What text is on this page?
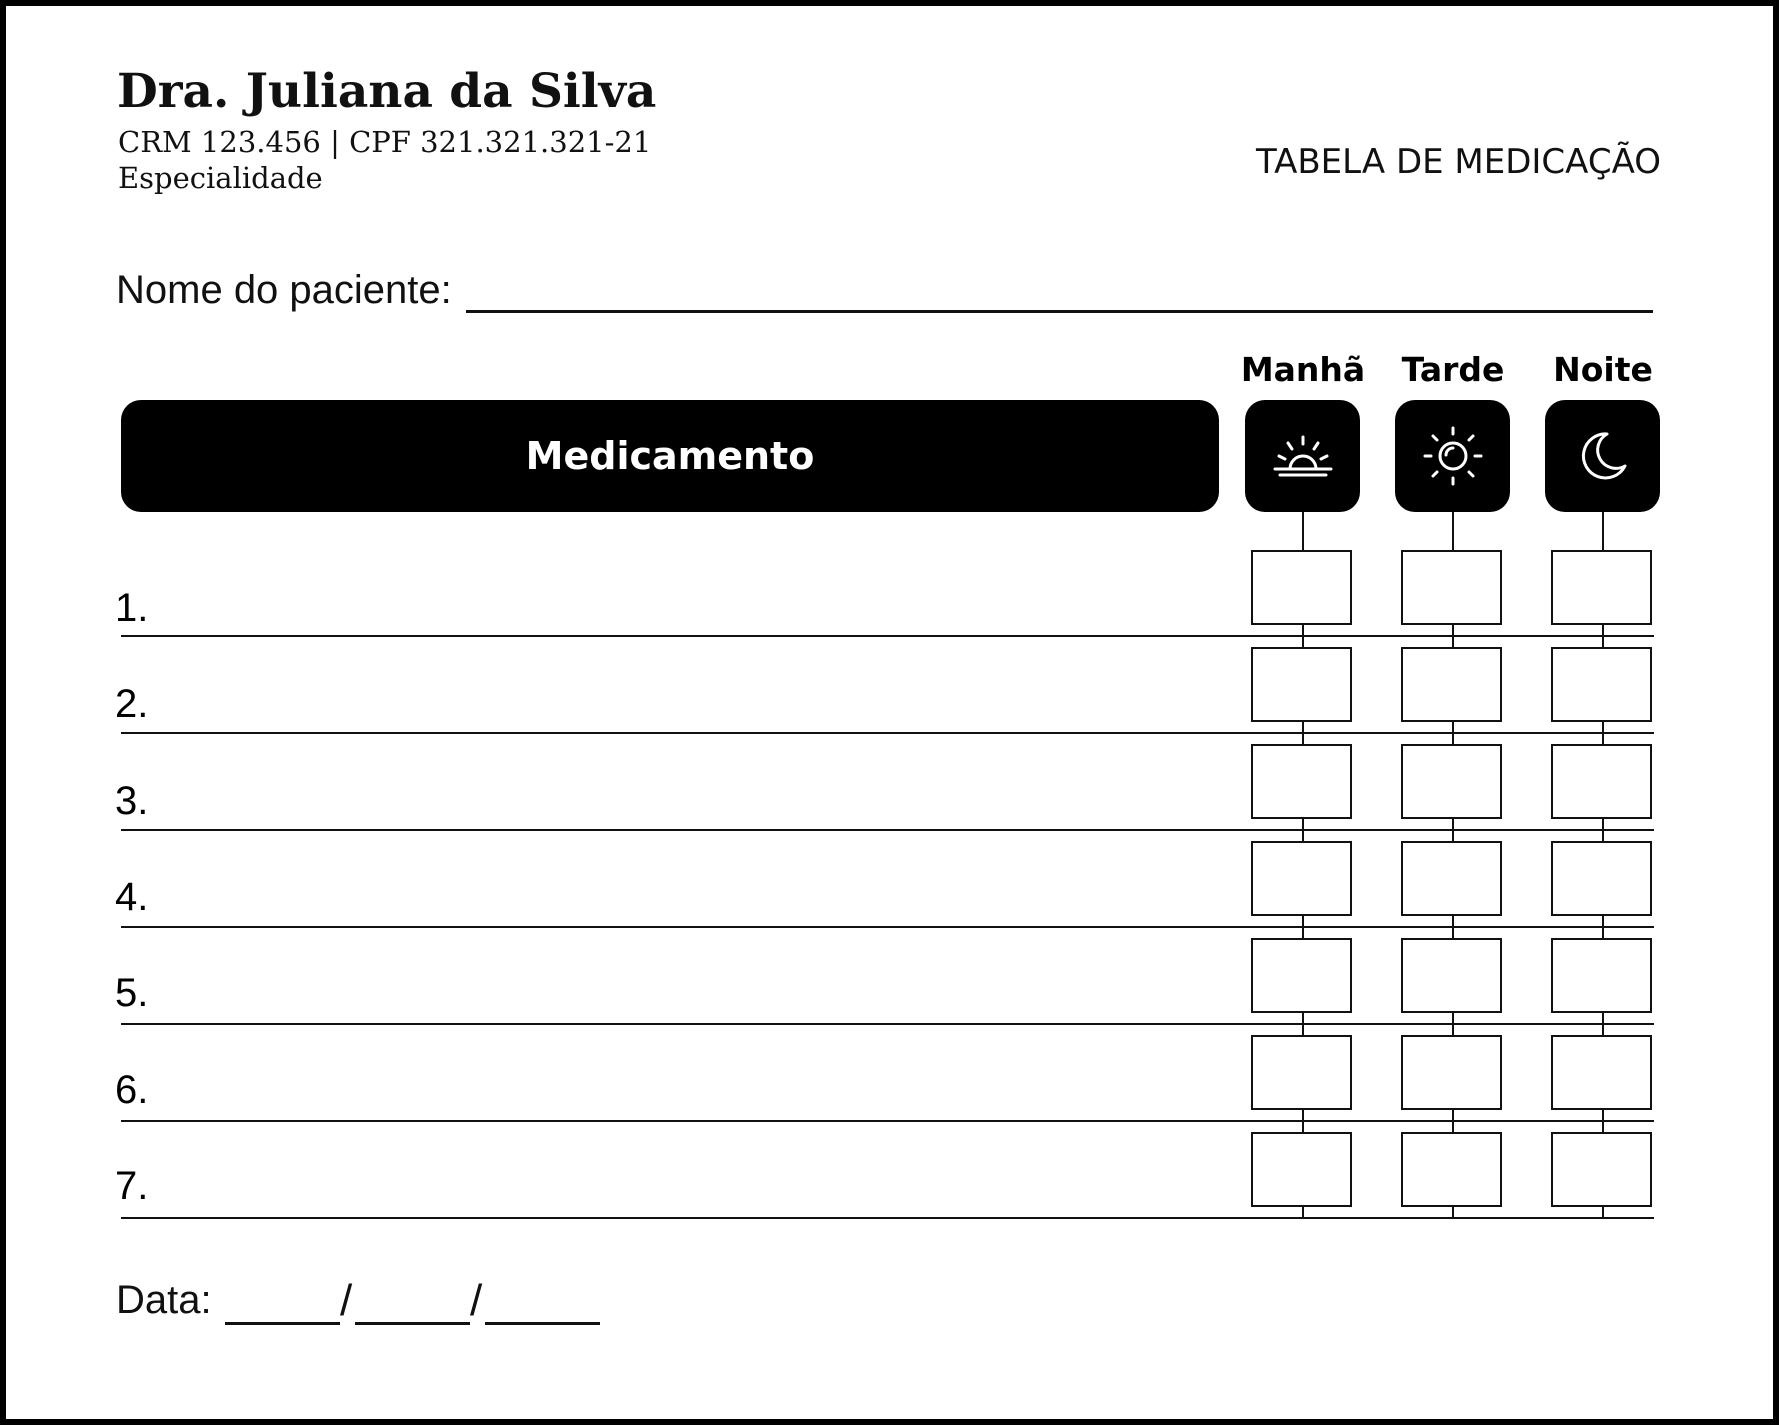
Dra. Juliana da Silva
CRM 123.456 | CPF 321.321.321-21
Especialidade	TABELA DE MEDICAÇÃO
Nome do paciente:
Manhã	Tarde	Noite
Medicamento
1.
2.
3.
4.
5.
6.
7.
Data:	/	/
